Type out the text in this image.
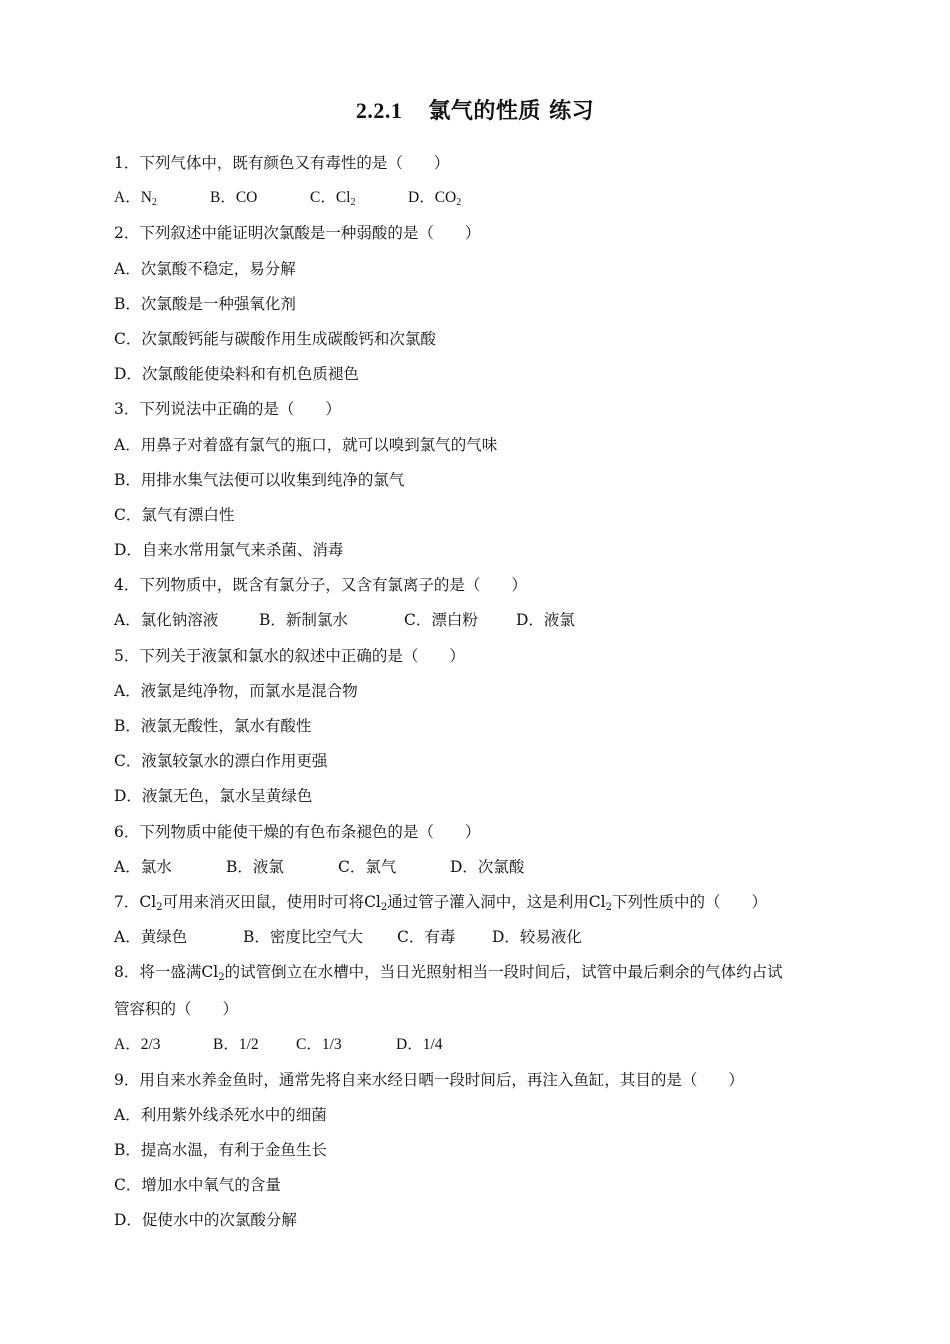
2.2.1 氯气的性质 练习
1．下列气体中，既有颜色又有毒性的是（　　）
A．$N_2$	B．CO	C．$Cl_2$	D．$CO_2$
2．下列叙述中能证明次氯酸是一种弱酸的是（　　）
A．次氯酸不稳定，易分解
B．次氯酸是一种强氧化剂
C．次氯酸钙能与碳酸作用生成碳酸钙和次氯酸
D．次氯酸能使染料和有机色质褪色
3．下列说法中正确的是（　　）
A．用鼻子对着盛有氯气的瓶口，就可以嗅到氯气的气味
B．用排水集气法便可以收集到纯净的氯气
C．氯气有漂白性
D．自来水常用氯气来杀菌、消毒
4．下列物质中，既含有氯分子，又含有氯离子的是（　　）
A．氯化钠溶液	B．新制氯水	C．漂白粉 D．液氯
5．下列关于液氯和氯水的叙述中正确的是（　　）
A．液氯是纯净物，而氯水是混合物
B．液氯无酸性，氯水有酸性
C．液氯较氯水的漂白作用更强
D．液氯无色，氯水呈黄绿色
6．下列物质中能使干燥的有色布条褪色的是（　　）
A．氯水	B．液氯	C．氯气	D．次氯酸
7．$Cl_2$可用来消灭田鼠，使用时可将$Cl_2$通过管子灌入洞中，这是利用$Cl_2$下列性质中的（　　）
A．黄绿色	B．密度比空气大 C．有毒 D．较易液化
8．将一盛满$Cl_2$的试管倒立在水槽中，当日光照射相当一段时间后，试管中最后剩余的气体约占试
管容积的（　　）
A．2/3	B．1/2 C．1/3	D．1/4
9．用自来水养金鱼时，通常先将自来水经日晒一段时间后，再注入鱼缸，其目的是（　　）
A．利用紫外线杀死水中的细菌
B．提高水温，有利于金鱼生长
C．增加水中氧气的含量
D．促使水中的次氯酸分解
